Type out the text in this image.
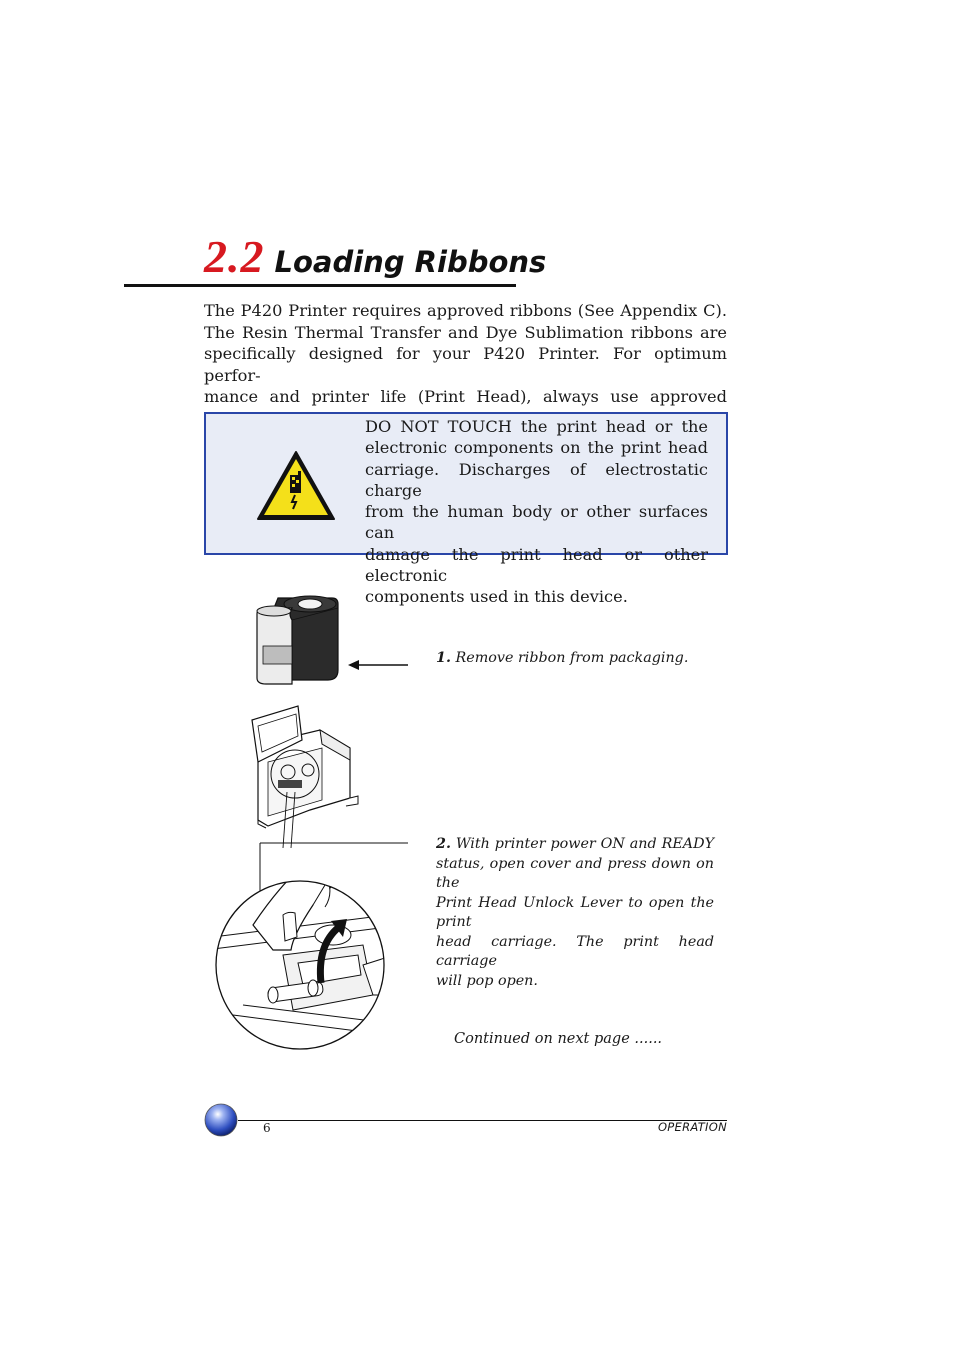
2.2 Loading Ribbons
The P420 Printer requires approved ribbons (See Appendix C).
The Resin Thermal Transfer and Dye Sublimation ribbons are
specifically designed for your P420 Printer. For optimum perfor-
mance and printer life (Print Head), always use approved
DO NOT TOUCH the print head or the
electronic components on the print head
carriage. Discharges of electrostatic charge
from the human body or other surfaces can
damage the print head or other electronic
components used in this device.
1. Remove ribbon from packaging.
2. With printer power ON and READY
status, open cover and press down on the
Print Head Unlock Lever to open the print
head carriage. The print head carriage
will pop open.
Continued on next page ......
6	OPERATION
